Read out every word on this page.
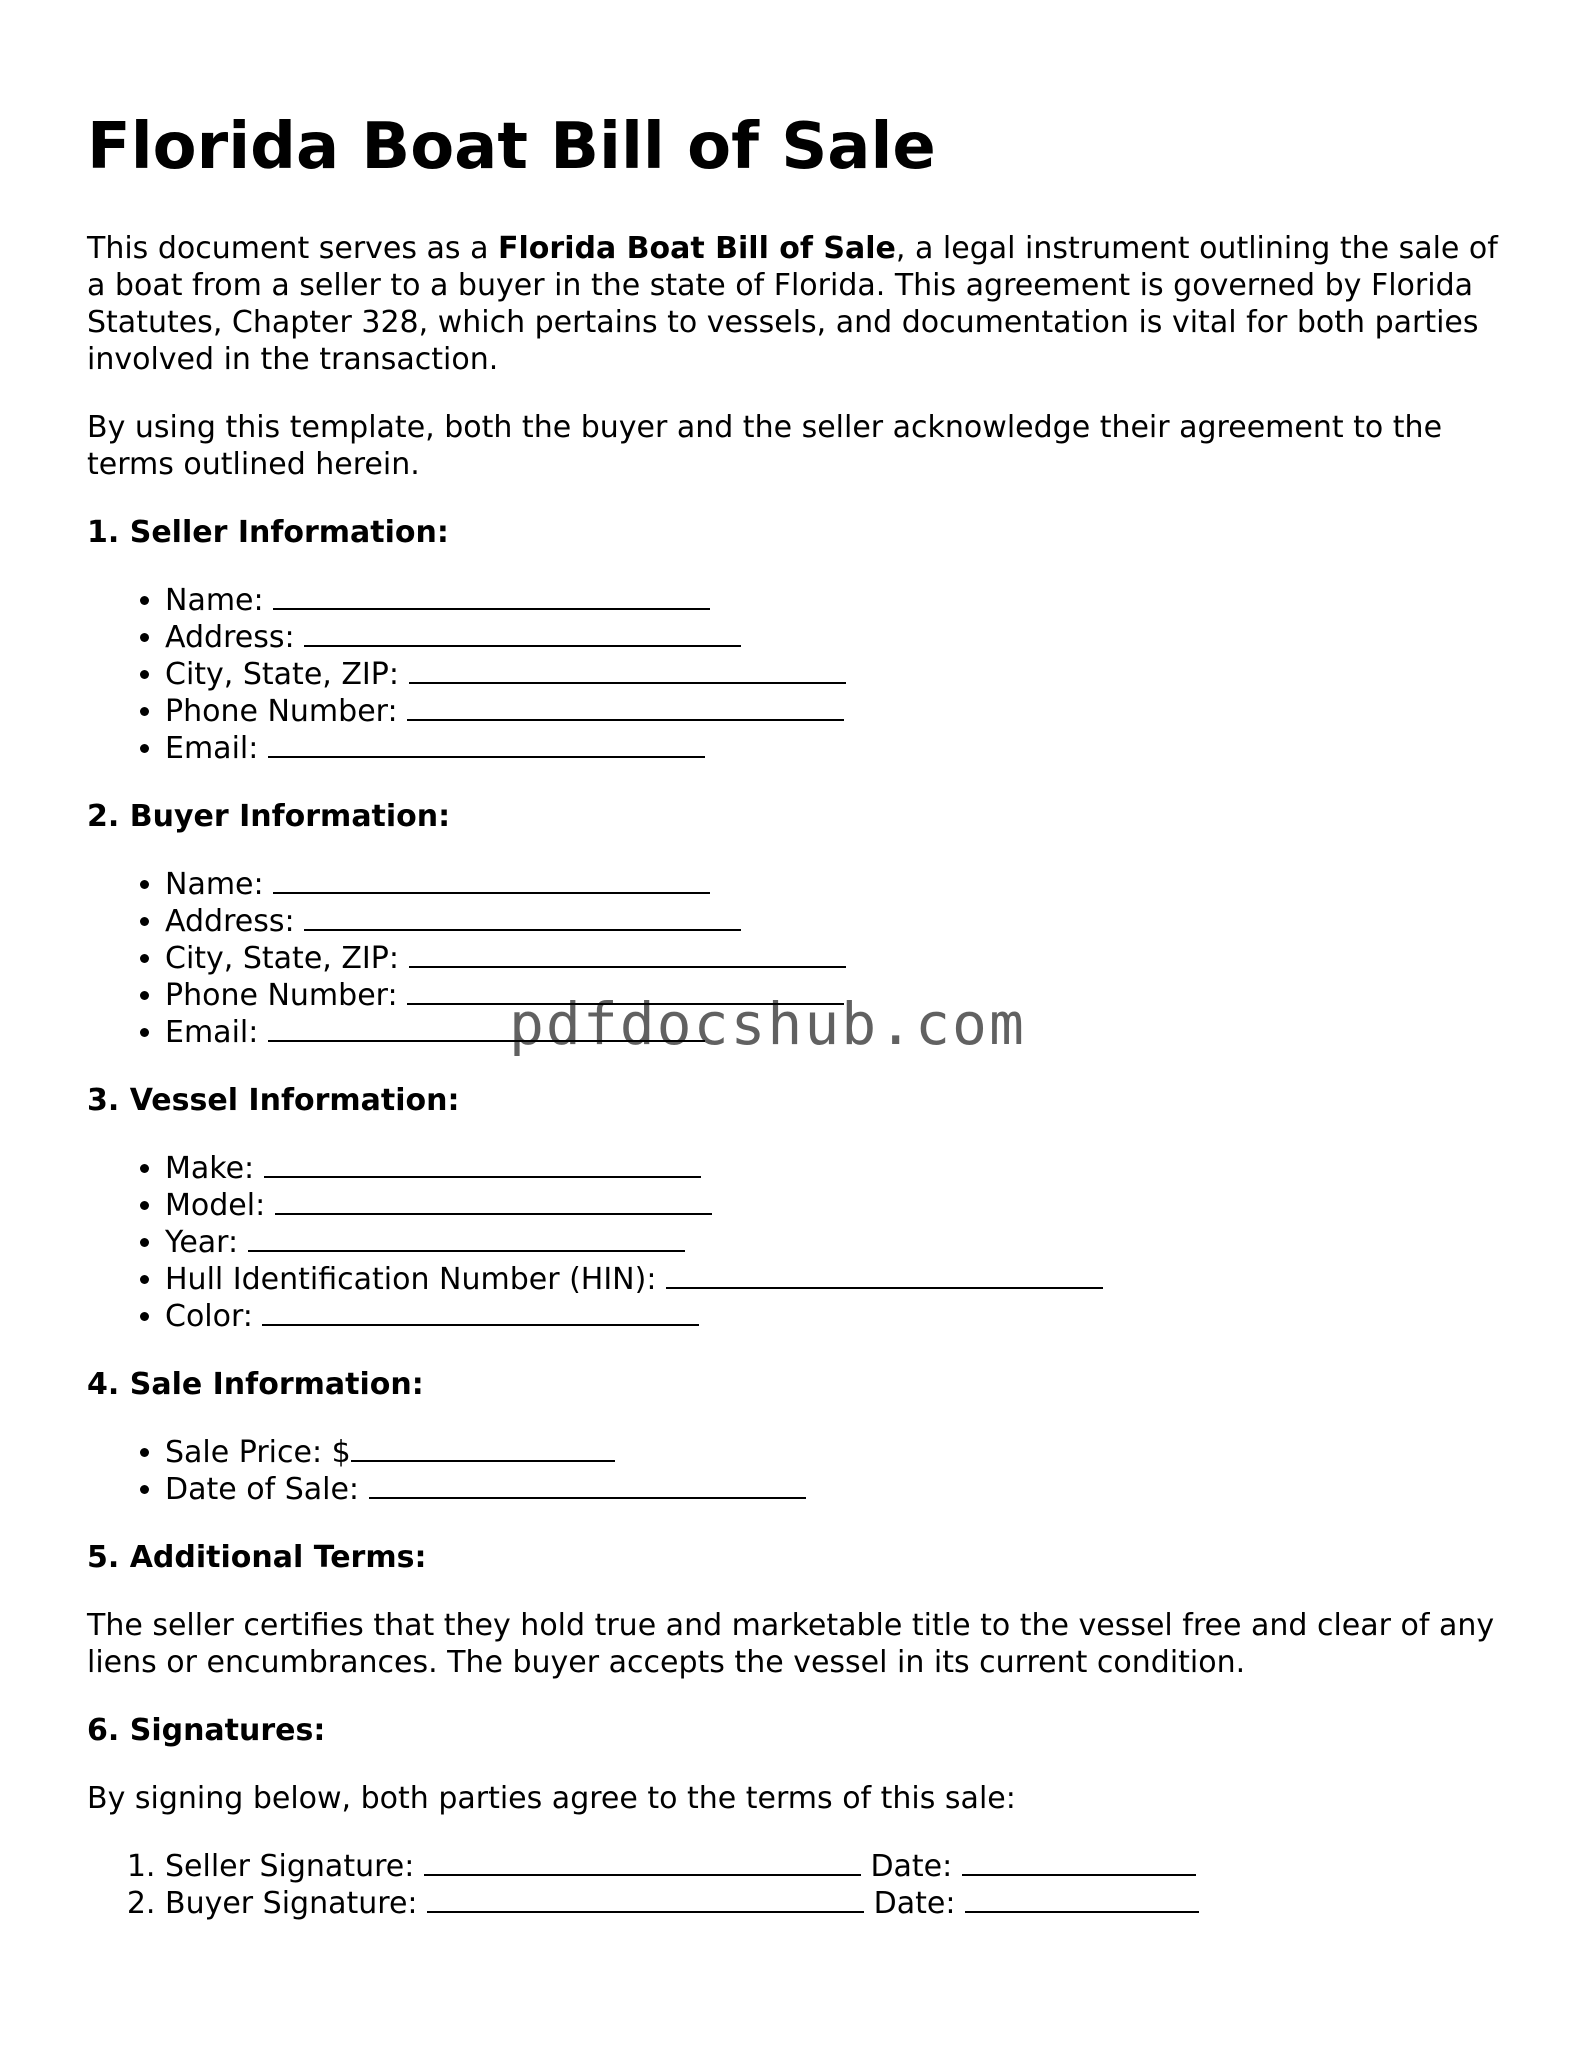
Florida Boat Bill of Sale

This document serves as a Florida Boat Bill of Sale, a legal instrument outlining the sale of a boat from a seller to a buyer in the state of Florida. This agreement is governed by Florida Statutes, Chapter 328, which pertains to vessels, and documentation is vital for both parties involved in the transaction.

By using this template, both the buyer and the seller acknowledge their agreement to the terms outlined herein.

1. Seller Information:
• Name:
• Address:
• City, State, ZIP:
• Phone Number:
• Email:
2. Buyer Information:
• Name:
• Address:
• City, State, ZIP:
• Phone Number:
• Email:
3. Vessel Information:
• Make:
• Model:
• Year:
• Hull Identification Number (HIN):
• Color:
4. Sale Information:
• Sale Price: $
• Date of Sale:
5. Additional Terms:

The seller certifies that they hold true and marketable title to the vessel free and clear of any liens or encumbrances. The buyer accepts the vessel in its current condition.

6. Signatures:

By signing below, both parties agree to the terms of this sale:

1. Seller Signature:	Date:
2. Buyer Signature:	Date:
pdfdocshub.com
